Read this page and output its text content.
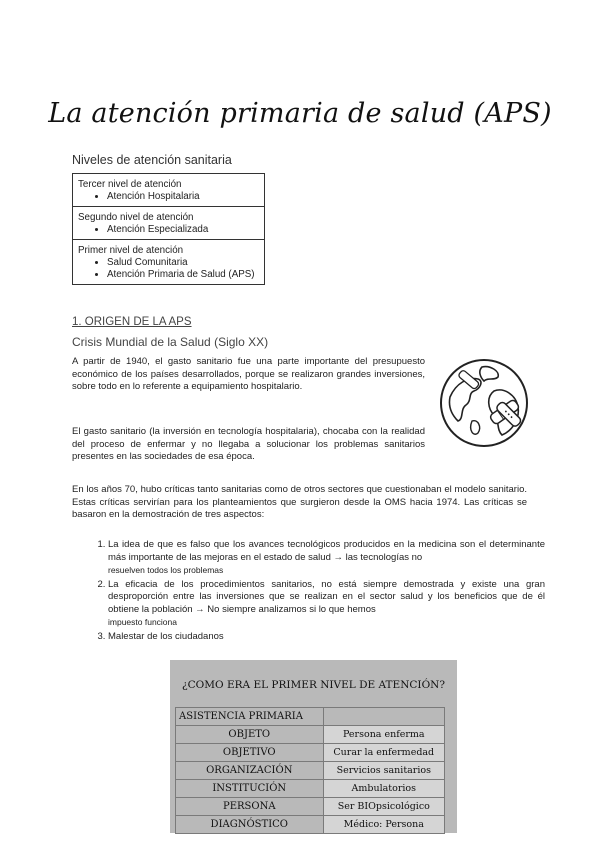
La atención primaria de salud (APS)
Niveles de atención sanitaria
Tercer nivel de atención
• Atención Hospitalaria
Segundo nivel de atención
• Atención Especializada
Primer nivel de atención
• Salud Comunitaria
• Atención Primaria de Salud (APS)
1. ORIGEN DE LA APS
Crisis Mundial de la Salud (Siglo XX)
A partir de 1940, el gasto sanitario fue una parte importante del presupuesto económico de los países desarrollados, porque se realizaron grandes inversiones, sobre todo en lo referente a equipamiento hospitalario.
El gasto sanitario (la inversión en tecnología hospitalaria), chocaba con la realidad del proceso de enfermar y no llegaba a solucionar los problemas sanitarios presentes en las sociedades de esa época.
En los años 70, hubo críticas tanto sanitarias como de otros sectores que cuestionaban el modelo sanitario. Estas críticas servirían para los planteamientos que surgieron desde la OMS hacia 1974. Las críticas se basaron en la demostración de tres aspectos:
1. La idea de que es falso que los avances tecnológicos producidos en la medicina son el determinante más importante de las mejoras en el estado de salud → las tecnologías no
resuelven todos los problemas
2. La eficacia de los procedimientos sanitarios, no está siempre demostrada y existe una gran desproporción entre las inversiones que se realizan en el sector salud y los beneficios que de él obtiene la población → No siempre analizamos si lo que hemos
impuesto funciona
3. Malestar de los ciudadanos
¿COMO ERA EL PRIMER NIVEL DE ATENCIÓN?
ASISTENCIA PRIMARIA	
OBJETO	Persona enferma
OBJETIVO	Curar la enfermedad
ORGANIZACIÓN	Servicios sanitarios
INSTITUCIÓN	Ambulatorios
PERSONA	Ser BIOpsicológico
DIAGNÓSTICO	Médico: Persona
